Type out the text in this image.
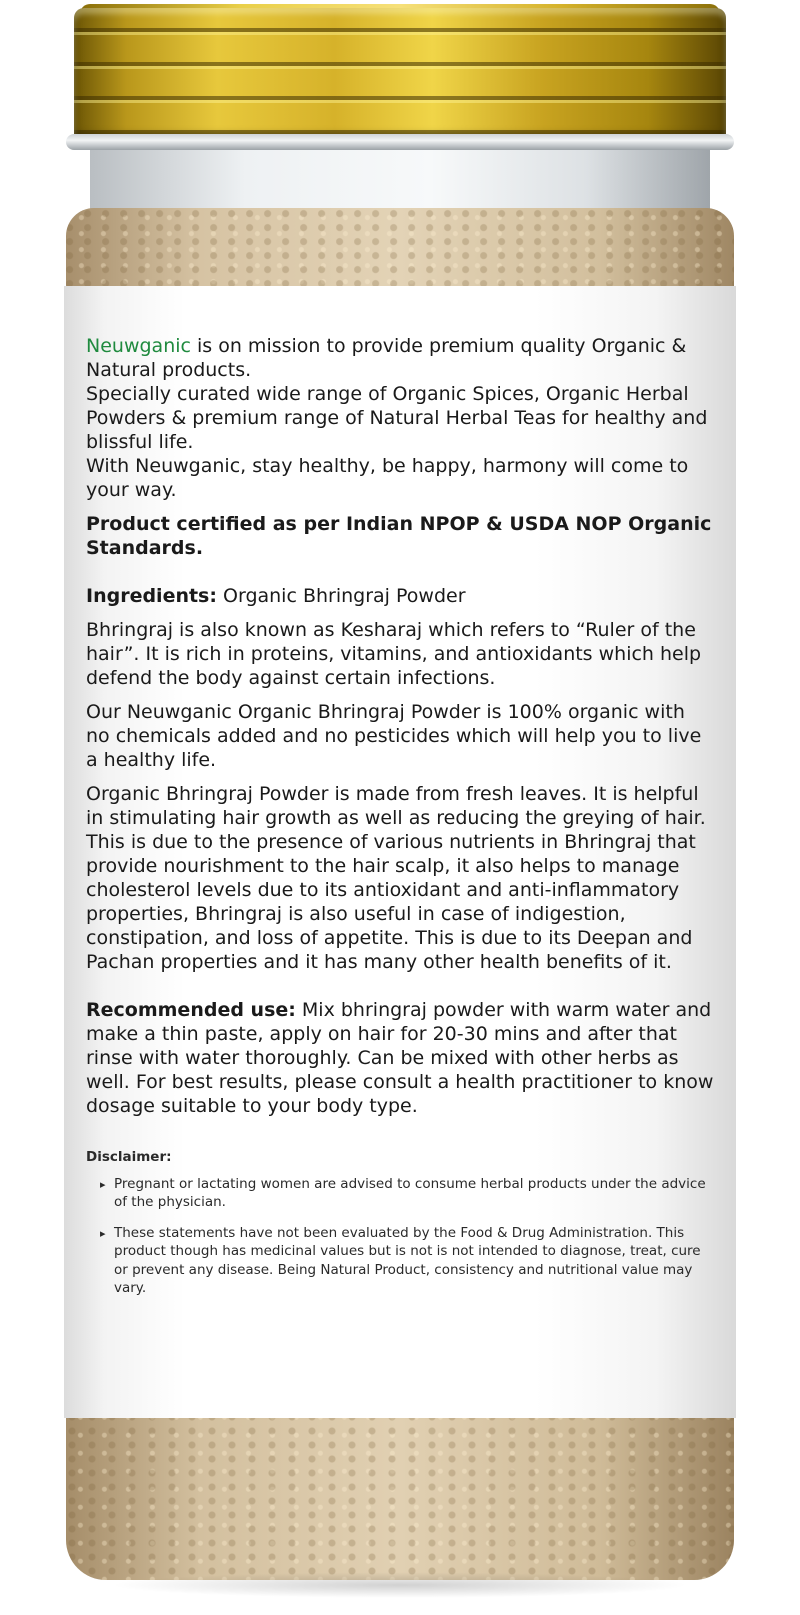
Neuwganic is on mission to provide premium quality Organic & Natural products.

Specially curated wide range of Organic Spices, Organic Herbal Powders & premium range of Natural Herbal Teas for healthy and blissful life.

With Neuwganic, stay healthy, be happy, harmony will come to your way.

Product certified as per Indian NPOP & USDA NOP Organic Standards.

Ingredients: Organic Bhringraj Powder

Bhringraj is also known as Kesharaj which refers to “Ruler of the hair”. It is rich in proteins, vitamins, and antioxidants which help defend the body against certain infections.

Our Neuwganic Organic Bhringraj Powder is 100% organic with no chemicals added and no pesticides which will help you to live a healthy life.

Organic Bhringraj Powder is made from fresh leaves. It is helpful in stimulating hair growth as well as reducing the greying of hair. This is due to the presence of various nutrients in Bhringraj that provide nourishment to the hair scalp, it also helps to manage cholesterol levels due to its antioxidant and anti-inflammatory properties, Bhringraj is also useful in case of indigestion, constipation, and loss of appetite. This is due to its Deepan and Pachan properties and it has many other health benefits of it.

Recommended use: Mix bhringraj powder with warm water and make a thin paste, apply on hair for 20-30 mins and after that rinse with water thoroughly. Can be mixed with other herbs as well. For best results, please consult a health practitioner to know dosage suitable to your body type.

Disclaimer:
▸ Pregnant or lactating women are advised to consume herbal products under the advice of the physician.
▸ These statements have not been evaluated by the Food & Drug Administration. This product though has medicinal values but is not is not intended to diagnose, treat, cure or prevent any disease. Being Natural Product, consistency and nutritional value may vary.
